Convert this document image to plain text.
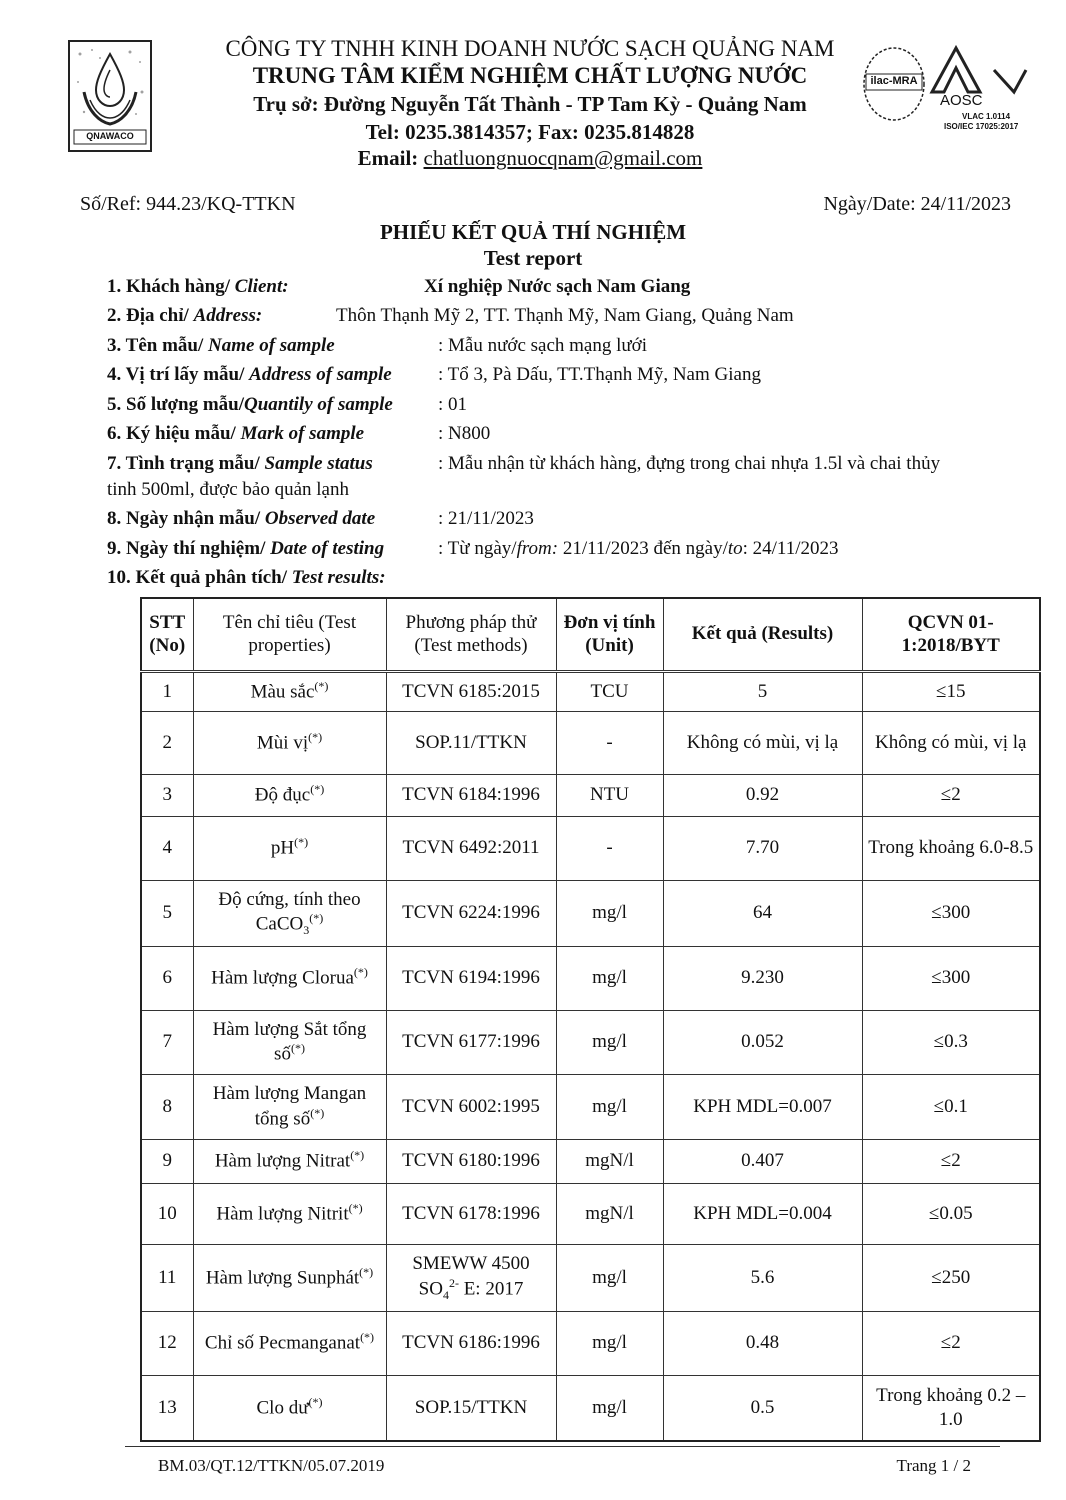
QNAWACO
ilac-MRA
AOSC
VLAC 1.0114
ISO/IEC 17025:2017
CÔNG TY TNHH KINH DOANH NƯỚC SẠCH QUẢNG NAM
TRUNG TÂM KIỂM NGHIỆM CHẤT LƯỢNG NƯỚC
Trụ sở: Đường Nguyễn Tất Thành - TP Tam Kỳ - Quảng Nam
Tel: 0235.3814357; Fax: 0235.814828
Email: chatluongnuocqnam@gmail.com
Số/Ref: 944.23/KQ-TTKN	Ngày/Date: 24/11/2023
PHIẾU KẾT QUẢ THÍ NGHIỆM
Test report
1. Khách hàng/ Client:	Xí nghiệp Nước sạch Nam Giang
2. Địa chỉ/ Address:	Thôn Thạnh Mỹ 2, TT. Thạnh Mỹ, Nam Giang, Quảng Nam
3. Tên mẫu/ Name of sample	: Mẫu nước sạch mạng lưới
4. Vị trí lấy mẫu/ Address of sample : Tổ 3, Pà Dấu, TT.Thạnh Mỹ, Nam Giang
5. Số lượng mẫu/Quantily of sample : 01
6. Ký hiệu mẫu/ Mark of sample	: N800
7. Tình trạng mẫu/ Sample status	: Mẫu nhận từ khách hàng, đựng trong chai nhựa 1.5l và chai thủy
tinh 500ml, được bảo quản lạnh
8. Ngày nhận mẫu/ Observed date	: 21/11/2023
9. Ngày thí nghiệm/ Date of testing	: Từ ngày/from: 21/11/2023 đến ngày/to: 24/11/2023
10. Kết quả phân tích/ Test results:
STT (No)	Tên chỉ tiêu (Test properties)	Phương pháp thử (Test methods)	Đơn vị tính (Unit)	Kết quả (Results)	QCVN 01-1:2018/BYT
1	Màu sắc(*)	TCVN 6185:2015	TCU	5	≤15
2	Mùi vị(*)	SOP.11/TTKN	-	Không có mùi, vị lạ	Không có mùi, vị lạ
3	Độ đục(*)	TCVN 6184:1996	NTU	0.92	≤2
4	pH(*)	TCVN 6492:2011	-	7.70	Trong khoảng 6.0-8.5
5	Độ cứng, tính theo CaCO$_3$(*)	TCVN 6224:1996	mg/l	64	≤300
6	Hàm lượng Clorua(*)	TCVN 6194:1996	mg/l	9.230	≤300
7	Hàm lượng Sắt tổng số(*)	TCVN 6177:1996	mg/l	0.052	≤0.3
8	Hàm lượng Mangan tổng số(*)	TCVN 6002:1995	mg/l	KPH MDL=0.007	≤0.1
9	Hàm lượng Nitrat(*)	TCVN 6180:1996	mgN/l	0.407	≤2
10	Hàm lượng Nitrit(*)	TCVN 6178:1996	mgN/l	KPH MDL=0.004	≤0.05
11	Hàm lượng Sunphát(*)	SMEWW 4500 $SO_4^{2-}$ E: 2017	mg/l	5.6	≤250
12	Chỉ số Pecmanganat(*)	TCVN 6186:1996	mg/l	0.48	≤2
13	Clo dư(*)	SOP.15/TTKN	mg/l	0.5	Trong khoảng 0.2 – 1.0
BM.03/QT.12/TTKN/05.07.2019	Trang 1 / 2
